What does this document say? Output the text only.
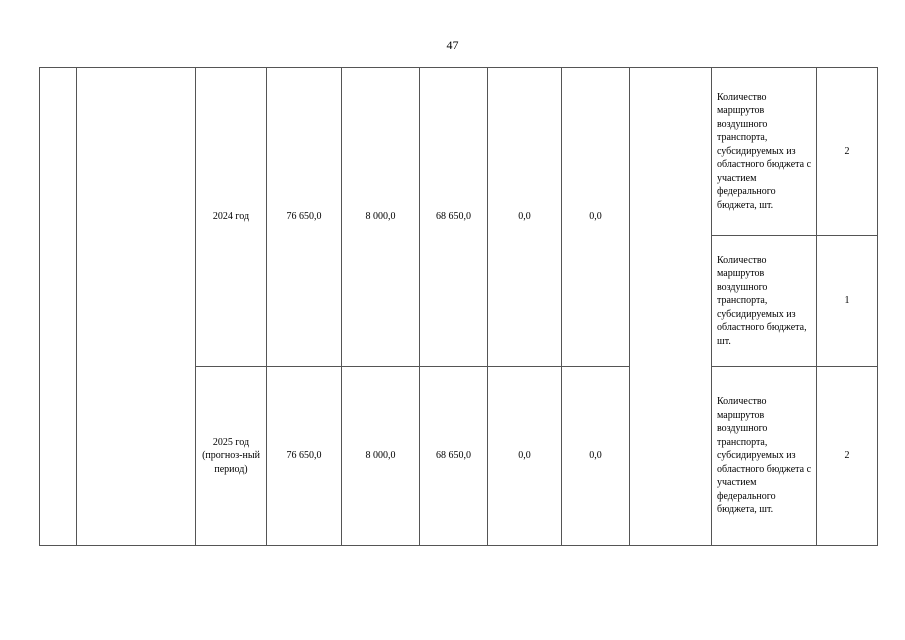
47
		2024 год	76 650,0	8 000,0	68 650,0	0,0	0,0		Количество маршрутов воздушного транспорта, субсидируемых из областного бюджета с участием федерального бюджета, шт.	2
									Количество маршрутов воздушного транспорта, субсидируемых из областного бюджета, шт.	1
		2025 год (прогноз-ный период)	76 650,0	8 000,0	68 650,0	0,0	0,0		Количество маршрутов воздушного транспорта, субсидируемых из областного бюджета с участием федерального бюджета, шт.	2
